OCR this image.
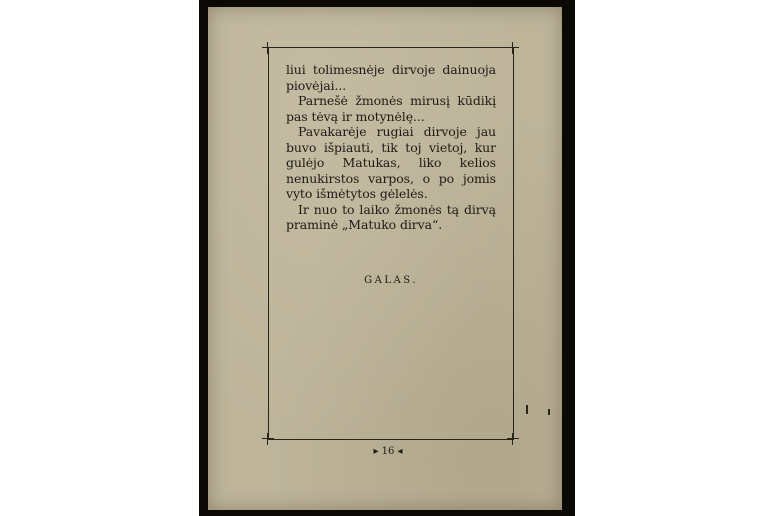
liui tolimesnėje dirvoje dainuoja piovėjai...

Parnešė žmonės mirusį kūdikį pas tėvą ir motynėlę...

Pavakarėje rugiai dirvoje jau buvo išpiauti, tik toj vietoj, kur gulėjo Matukas, liko kelios nenukirstos varpos, o po jomis vyto išmėtytos gėlelės.

Ir nuo to laiko žmonės tą dirvą praminė „Matuko dirva“.

GALAS.
▸ 16 ◂
